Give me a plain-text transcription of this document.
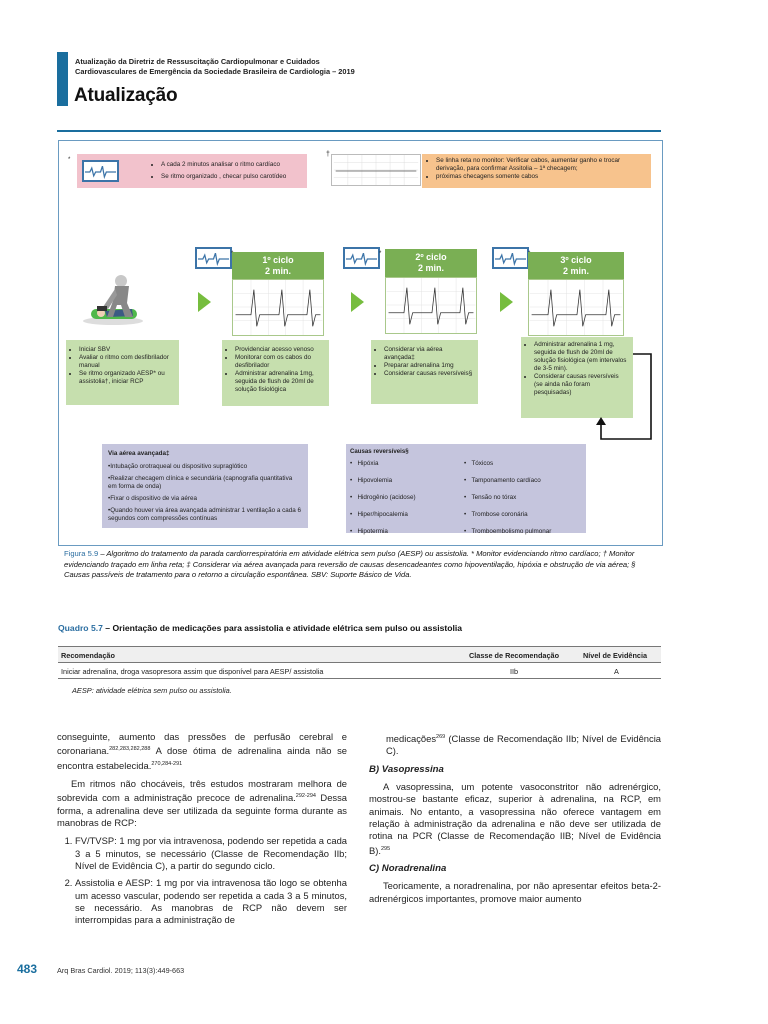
Atualização da Diretriz de Ressuscitação Cardiopulmonar e Cuidados
Cardiovasculares de Emergência da Sociedade Brasileira de Cardiologia – 2019
Atualização
*
• A cada 2 minutos analisar o ritmo cardíaco
• Se ritmo organizado , checar pulso carotídeo
†
• Se linha reta no monitor: Verificar cabos, aumentar ganho e trocar derivação, para confirmar Assitolia – 1ª checagem;
• próximas checagens somente cabos
1º ciclo
2 min.
*	2º ciclo
2 min.
3º ciclo
2 min.
• Iniciar SBV
• Avaliar o ritmo com desfibrilador manual
• Se ritmo organizado AESP* ou assistolia†, iniciar RCP
• Providenciar acesso venoso
• Monitorar com os cabos do desfibrilador
• Administrar adrenalina 1mg, seguida de flush de 20ml de solução fisiológica
• Considerar via aérea avançada‡
• Preparar adrenalina 1mg
• Considerar causas reversíveis§
• Administrar adrenalina 1 mg, seguida de flush de 20ml de solução fisiológica (em intervalos de 3-5 min).
• Considerar causas reversíveis (se ainda não foram pesquisadas)
Via aérea avançada‡
•Intubação orotraqueal ou dispositivo supraglótico
•Realizar checagem clínica e secundária (capnografia quantitativa em forma de onda)
•Fixar o dispositivo de via aérea
•Quando houver via área avançada administrar 1 ventilação a cada 6 segundos com compressões contínuas
Causas reversíveis§
•   Hipóxia
•   Hipovolemia
•   Hidrogênio (acidose)
•   Hiper/hipocalemia
•   Hipotermia
•   Tóxicos
•   Tamponamento cardíaco
•   Tensão no tórax
•   Trombose coronária
•   Tromboembolismo pulmonar
Figura 5.9 – Algoritmo do tratamento da parada cardiorrespiratória em atividade elétrica sem pulso (AESP) ou assistolia. * Monitor evidenciando ritmo cardíaco; † Monitor evidenciando traçado em linha reta; ‡ Considerar via aérea avançada para reversão de causas desencadeantes como hipoventilação, hipóxia e obstrução de via aérea; § Causas passíveis de tratamento para o retorno a circulação espontânea. SBV: Suporte Básico de Vida.
Quadro 5.7 – Orientação de medicações para assistolia e atividade elétrica sem pulso ou assistolia
Recomendação	Classe de Recomendação	Nível de Evidência
Iniciar adrenalina, droga vasopresora assim que disponível para AESP/ assistolia	IIb	A
AESP: atividade elétrica sem pulso ou assistolia.

conseguinte, aumento das pressões de perfusão cerebral e coronariana.$^{282,283,282,288}$ A dose ótima de adrenalina ainda não se encontra estabelecida.$^{270,284-291}$

Em ritmos não chocáveis, três estudos mostraram melhora de sobrevida com a administração precoce de adrenalina.$^{292-294}$ Dessa forma, a adrenalina deve ser utilizada da seguinte forma durante as manobras de RCP:

1. FV/TVSP: 1 mg por via intravenosa, podendo ser repetida a cada 3 a 5 minutos, se necessário (Classe de Recomendação IIb; Nível de Evidência C), a partir do segundo ciclo.
2. Assistolia e AESP: 1 mg por via intravenosa tão logo se obtenha um acesso vascular, podendo ser repetida a cada 3 a 5 minutos, se necessário. As manobras de RCP não devem ser interrompidas para a administração de

medicações$^{269}$ (Classe de Recomendação IIb; Nível de Evidência C).

B) Vasopressina

A vasopressina, um potente vasoconstritor não adrenérgico, mostrou-se bastante eficaz, superior à adrenalina, na RCP, em animais. No entanto, a vasopressina não oferece vantagem em relação à administração da adrenalina e não deve ser utilizada de rotina na PCR (Classe de Recomendação IIB; Nível de Evidência B).$^{295}$

C) Noradrenalina

Teoricamente, a noradrenalina, por não apresentar efeitos beta-2-adrenérgicos importantes, promove maior aumento

483	Arq Bras Cardiol. 2019; 113(3):449-663
